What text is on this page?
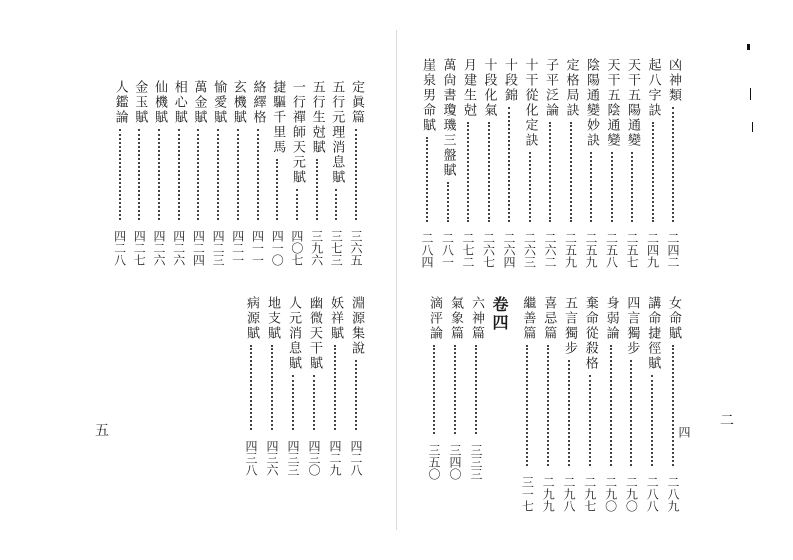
五
二
四
卷四
凶神類
二四二
起八字訣
二四九
天干五陽通變
二五七
天干五陰通變
二五八
陰陽通變妙訣
二五九
定格局訣
二五九
子平泛論
二六二
十干從化定訣
二六三
十段錦
二六四
十段化氣
二六七
月建生尅
二七二
萬尙書瓊璣三盤賦
二八一
崖泉男命賦
二八四
女命賦
二八九
講命捷徑賦
二八八
四言獨步
二九〇
身弱論
二九〇
棄命從殺格
二九七
五言獨步
二九八
喜忌篇
二九九
繼善篇
三一七
六神篇
三三三
氣象篇
三四〇
滴泙論
三五〇
定眞篇
三六五
五行元理消息賦
三七三
五行生尅賦
三九六
一行禪師天元賦
四〇七
捷驅千里馬
四一〇
絡繹格
四一一
玄機賦
四二一
愉愛賦
四二三
萬金賦
四二四
相心賦
四二六
仙機賦
四二六
金玉賦
四二七
人鑑論
四二八
淵源集說
四二八
妖祥賦
四二九
幽微天干賦
四三〇
人元消息賦
四三三
地支賦
四三六
病源賦
四三八
